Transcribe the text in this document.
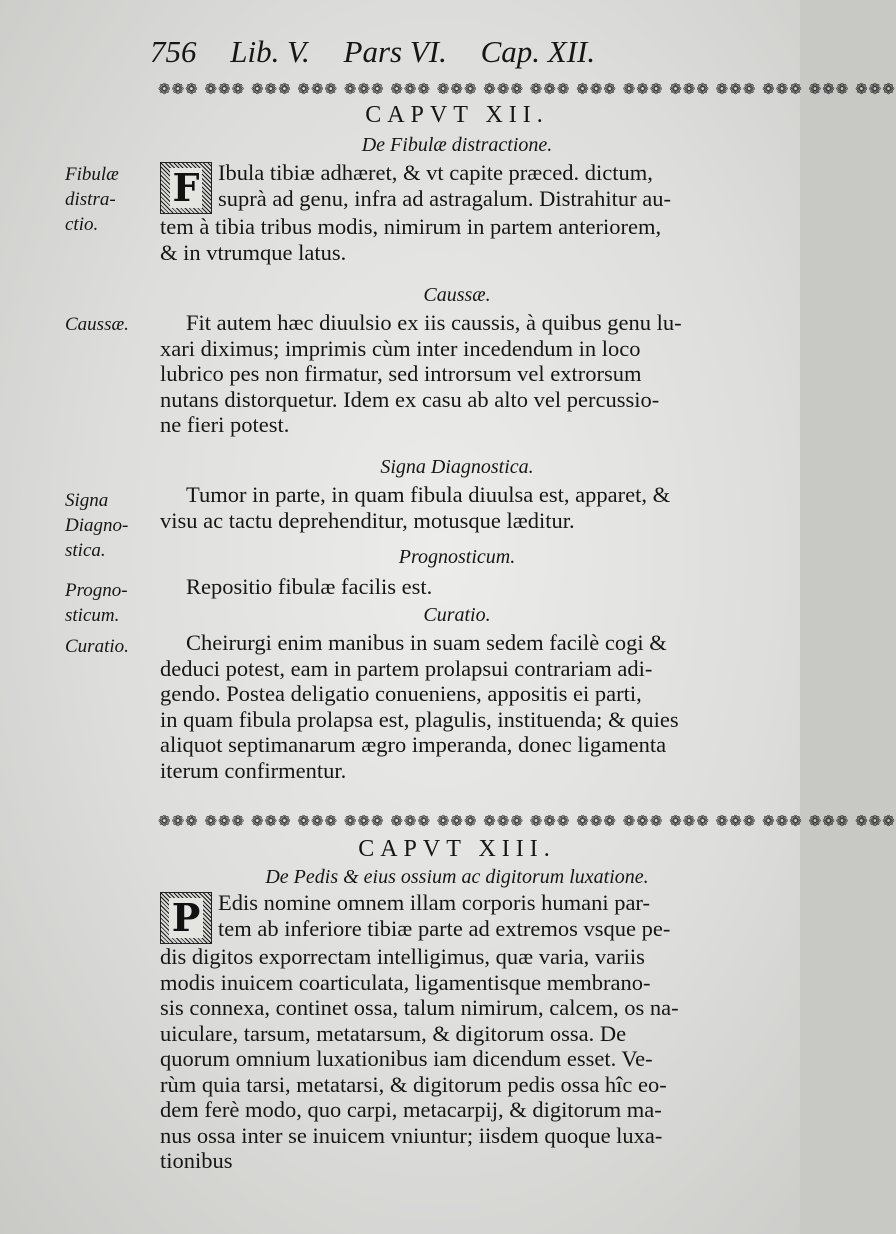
756 Lib. V. Pars VI. Cap. XII.
❁❁❁ ❁❁❁ ❁❁❁ ❁❁❁ ❁❁❁ ❁❁❁ ❁❁❁ ❁❁❁ ❁❁❁ ❁❁❁ ❁❁❁ ❁❁❁ ❁❁❁ ❁❁❁ ❁❁❁ ❁❁❁
CAPVT XII.
De Fibulæ distractione.
F Ibula tibiæ adhæret, & vt capite præced. dictum,
suprà ad genu, infra ad astragalum. Distrahitur au-
tem à tibia tribus modis, nimirum in partem anteriorem,
& in vtrumque latus.
Caussæ.
Fit autem hæc diuulsio ex iis caussis, à quibus genu lu-
xari diximus; imprimis cùm inter incedendum in loco
lubrico pes non firmatur, sed introrsum vel extrorsum
nutans distorquetur. Idem ex casu ab alto vel percussio-
ne fieri potest.
Signa Diagnostica.
Tumor in parte, in quam fibula diuulsa est, apparet, &
visu ac tactu deprehenditur, motusque læditur.
Prognosticum.
Repositio fibulæ facilis est.
Curatio.
Cheirurgi enim manibus in suam sedem facilè cogi &
deduci potest, eam in partem prolapsui contrariam adi-
gendo. Postea deligatio conueniens, appositis ei parti,
in quam fibula prolapsa est, plagulis, instituenda; & quies
aliquot septimanarum ægro imperanda, donec ligamenta
iterum confirmentur.
Fibulæ
distra-
ctio.
Caussæ.
Signa
Diagno-
stica.
Progno-
sticum.
Curatio.
❁❁❁ ❁❁❁ ❁❁❁ ❁❁❁ ❁❁❁ ❁❁❁ ❁❁❁ ❁❁❁ ❁❁❁ ❁❁❁ ❁❁❁ ❁❁❁ ❁❁❁ ❁❁❁ ❁❁❁ ❁❁❁
CAPVT XIII.
De Pedis & eius ossium ac digitorum luxatione.
P Edis nomine omnem illam corporis humani par-
tem ab inferiore tibiæ parte ad extremos vsque pe-
dis digitos exporrectam intelligimus, quæ varia, variis
modis inuicem coarticulata, ligamentisque membrano-
sis connexa, continet ossa, talum nimirum, calcem, os na-
uiculare, tarsum, metatarsum, & digitorum ossa. De
quorum omnium luxationibus iam dicendum esset. Ve-
rùm quia tarsi, metatarsi, & digitorum pedis ossa hîc eo-
dem ferè modo, quo carpi, metacarpij, & digitorum ma-
nus ossa inter se inuicem vniuntur; iisdem quoque luxa-
tionibus
